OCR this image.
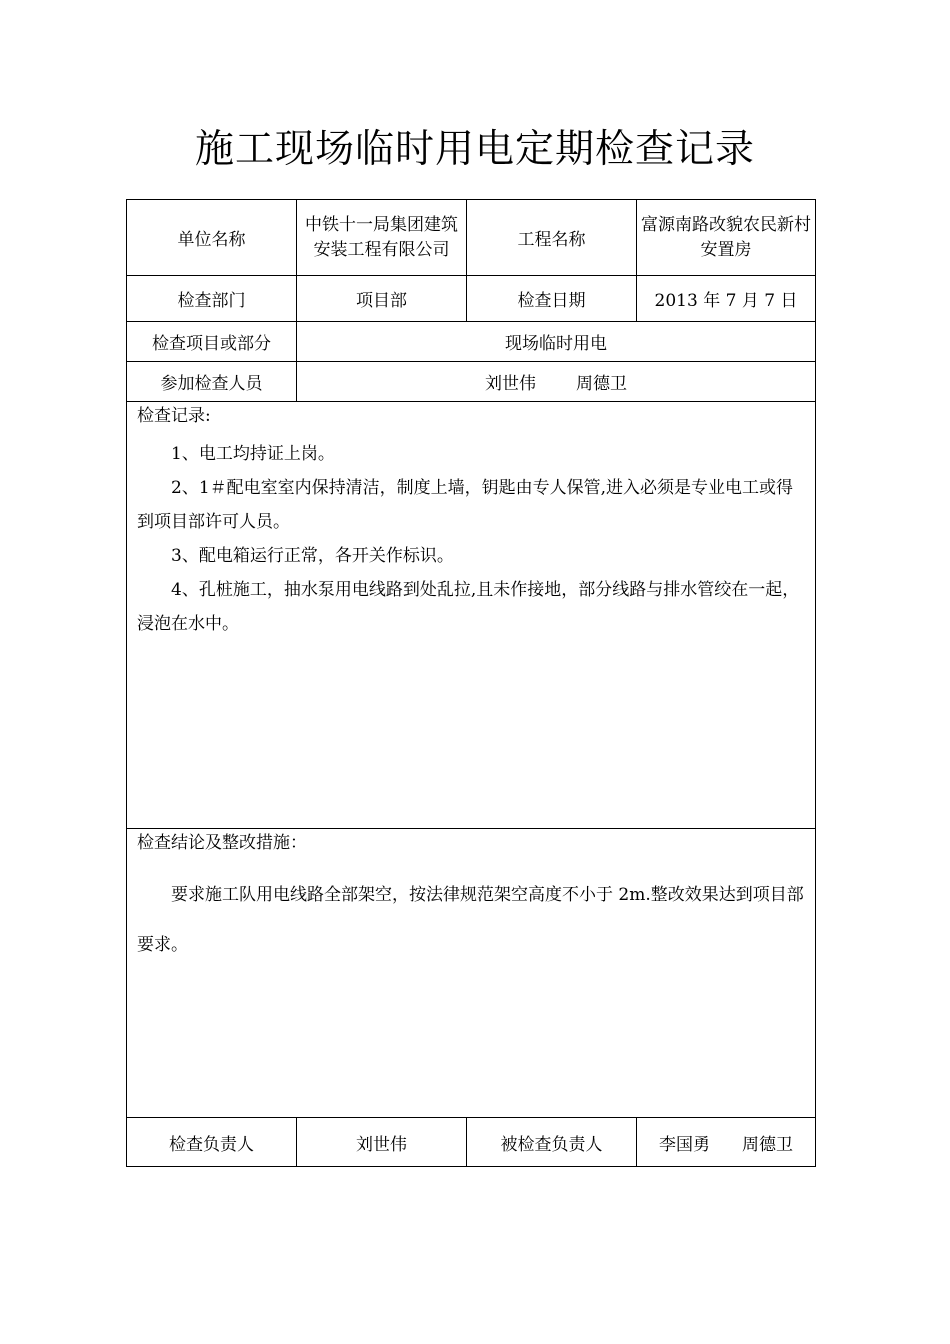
施工现场临时用电定期检查记录
单位名称	中铁十一局集团建筑安装工程有限公司	工程名称	富源南路改貌农民新村安置房
检查部门	项目部	检查日期	2013 年 7 月 7 日
检查项目或部分	现场临时用电		
参加检查人员	刘世伟 周德卫		

检查记录:

1、电工均持证上岗。

2、1＃配电室室内保持清洁，制度上墙，钥匙由专人保管,进入必须是专业电工或得到项目部许可人员。

3、配电箱运行正常，各开关作标识。

4、孔桩施工，抽水泵用电线路到处乱拉,且未作接地，部分线路与排水管绞在一起，浸泡在水中。			

检查结论及整改措施：

要求施工队用电线路全部架空，按法律规范架空高度不小于 2m.整改效果达到项目部要求。			

检查负责人	刘世伟	被检查负责人	李国勇 周德卫
